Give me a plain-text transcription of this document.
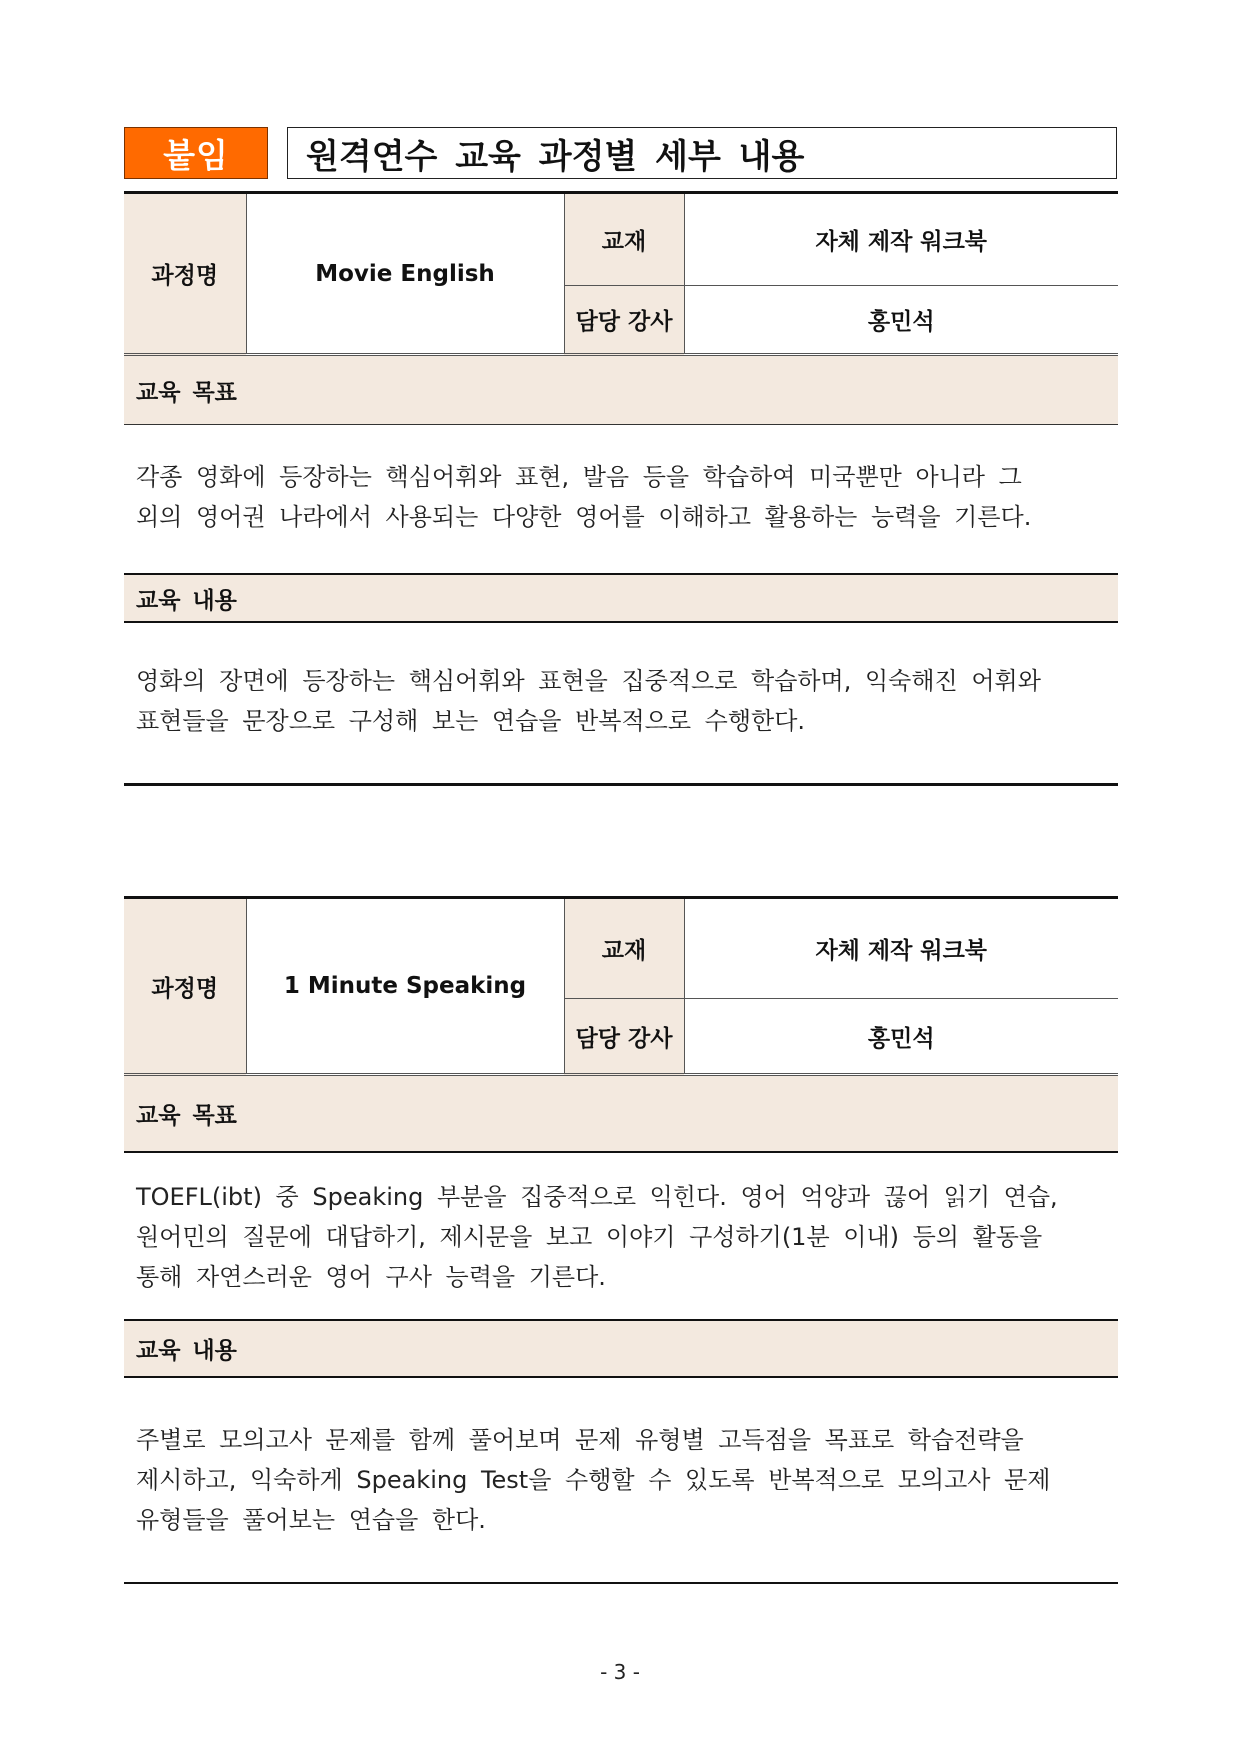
붙임	원격연수 교육 과정별 세부 내용
과정명	Movie English	교재	자체 제작 워크북
		담당 강사	홍민석
교육 목표
각종 영화에 등장하는 핵심어휘와 표현, 발음 등을 학습하여 미국뿐만 아니라 그
외의 영어권 나라에서 사용되는 다양한 영어를 이해하고 활용하는 능력을 기른다.
교육 내용
영화의 장면에 등장하는 핵심어휘와 표현을 집중적으로 학습하며, 익숙해진 어휘와
표현들을 문장으로 구성해 보는 연습을 반복적으로 수행한다.
과정명	1 Minute Speaking	교재	자체 제작 워크북
		담당 강사	홍민석
교육 목표
TOEFL(ibt) 중 Speaking 부분을 집중적으로 익힌다. 영어 억양과 끊어 읽기 연습,
원어민의 질문에 대답하기, 제시문을 보고 이야기 구성하기(1분 이내) 등의 활동을
통해 자연스러운 영어 구사 능력을 기른다.
교육 내용
주별로 모의고사 문제를 함께 풀어보며 문제 유형별 고득점을 목표로 학습전략을
제시하고, 익숙하게 Speaking Test을 수행할 수 있도록 반복적으로 모의고사 문제
유형들을 풀어보는 연습을 한다.
- 3 -
